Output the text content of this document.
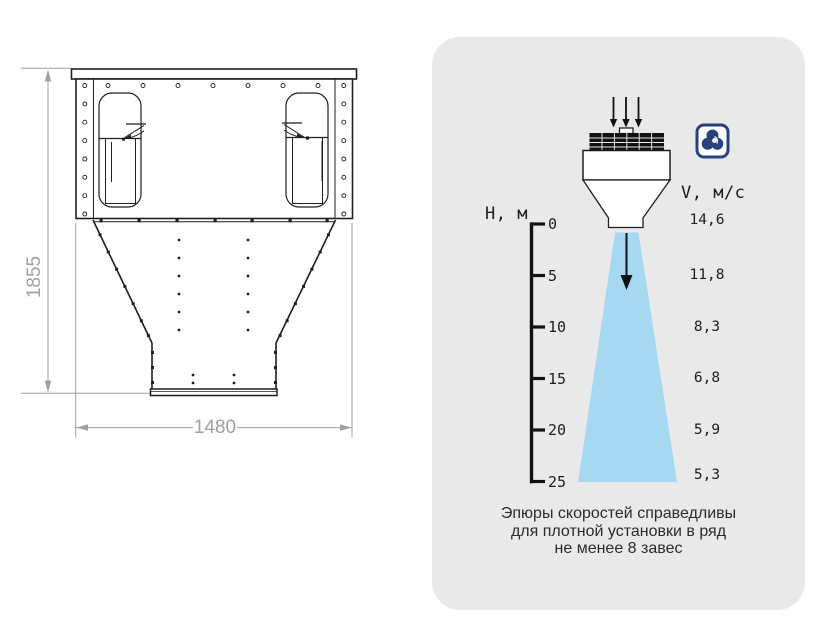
1855
1480
Н, м
V, м/с
0
5
10
15
20
25
14,6
11,8
8,3
6,8
5,9
5,3
Эпюры скоростей справедливы
для плотной установки в ряд
не менее 8 завес
